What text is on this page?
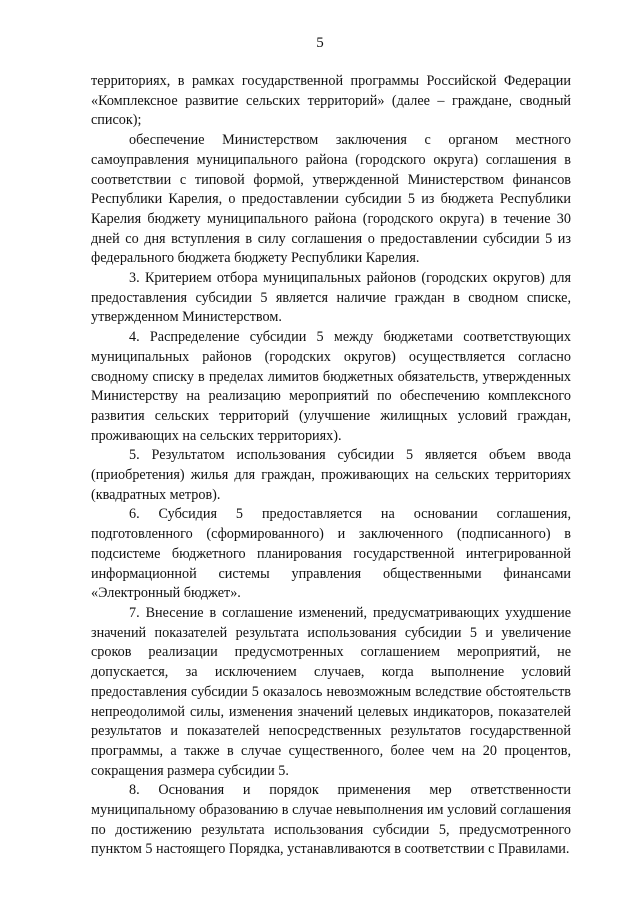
5

территориях, в рамках государственной программы Российской Федерации «Комплексное развитие сельских территорий» (далее – граждане, сводный список);

обеспечение Министерством заключения с органом местного самоуправления муниципального района (городского округа) соглашения в соответствии с типовой формой, утвержденной Министерством финансов Республики Карелия, о предоставлении субсидии 5 из бюджета Республики Карелия бюджету муниципального района (городского округа) в течение 30 дней со дня вступления в силу соглашения о предоставлении субсидии 5 из федерального бюджета бюджету Республики Карелия.

3. Критерием отбора муниципальных районов (городских округов) для предоставления субсидии 5 является наличие граждан в сводном списке, утвержденном Министерством.

4. Распределение субсидии 5 между бюджетами соответствующих муниципальных районов (городских округов) осуществляется согласно сводному списку в пределах лимитов бюджетных обязательств, утвержденных Министерству на реализацию мероприятий по обеспечению комплексного развития сельских территорий (улучшение жилищных условий граждан, проживающих на сельских территориях).

5. Результатом использования субсидии 5 является объем ввода (приобретения) жилья для граждан, проживающих на сельских территориях (квадратных метров).

6. Субсидия 5 предоставляется на основании соглашения, подготовленного (сформированного) и заключенного (подписанного) в подсистеме бюджетного планирования государственной интегрированной информационной системы управления общественными финансами «Электронный бюджет».

7. Внесение в соглашение изменений, предусматривающих ухудшение значений показателей результата использования субсидии 5 и увеличение сроков реализации предусмотренных соглашением мероприятий, не допускается, за исключением случаев, когда выполнение условий предоставления субсидии 5 оказалось невозможным вследствие обстоятельств непреодолимой силы, изменения значений целевых индикаторов, показателей результатов и показателей непосредственных результатов государственной программы, а также в случае существенного, более чем на 20 процентов, сокращения размера субсидии 5.

8. Основания и порядок применения мер ответственности муниципальному образованию в случае невыполнения им условий соглашения по достижению результата использования субсидии 5, предусмотренного пунктом 5 настоящего Порядка, устанавливаются в соответствии с Правилами.
